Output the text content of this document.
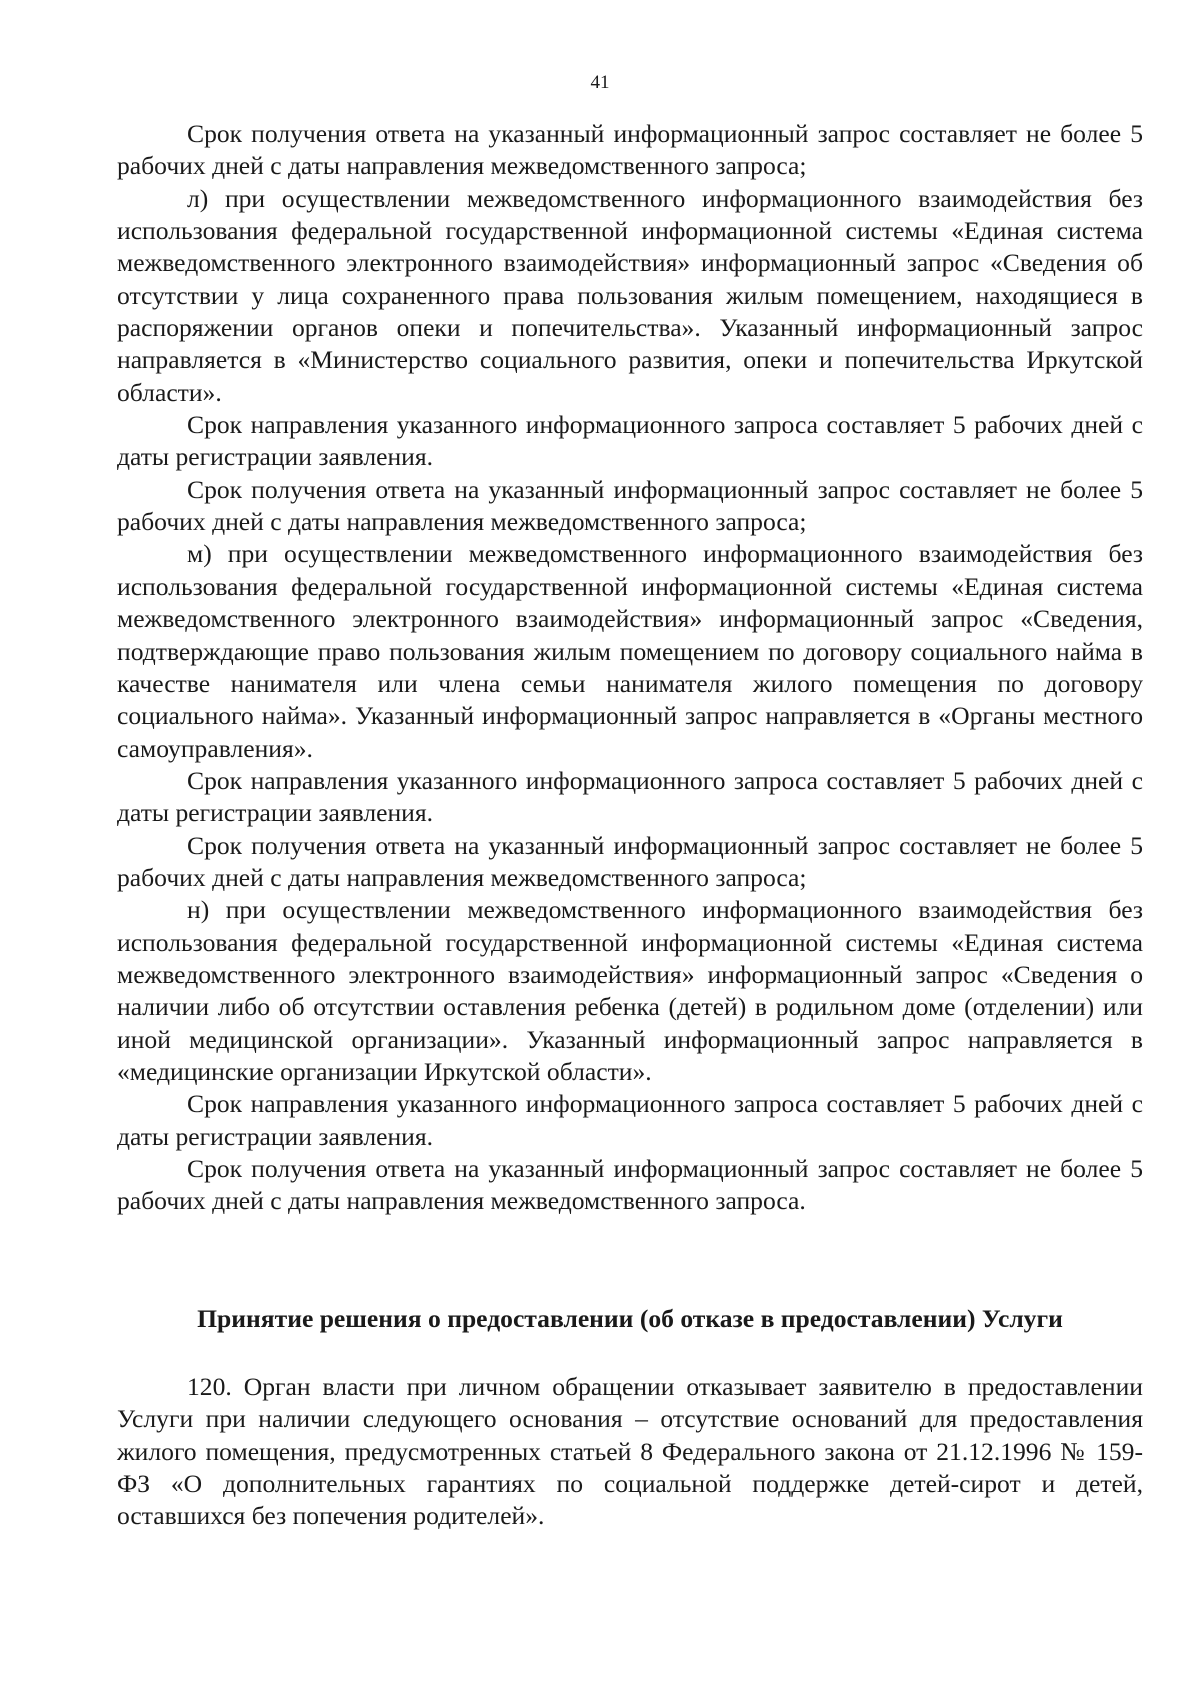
41

Срок получения ответа на указанный информационный запрос составляет не более 5 рабочих дней с даты направления межведомственного запроса;

л) при осуществлении межведомственного информационного взаимодействия без использования федеральной государственной информационной системы «Единая система межведомственного электронного взаимодействия» информационный запрос «Сведения об отсутствии у лица сохраненного права пользования жилым помещением, находящиеся в распоряжении органов опеки и попечительства». Указанный информационный запрос направляется в «Министерство социального развития, опеки и попечительства Иркутской области».

Срок направления указанного информационного запроса составляет 5 рабочих дней с даты регистрации заявления.

Срок получения ответа на указанный информационный запрос составляет не более 5 рабочих дней с даты направления межведомственного запроса;

м) при осуществлении межведомственного информационного взаимодействия без использования федеральной государственной информационной системы «Единая система межведомственного электронного взаимодействия» информационный запрос «Сведения, подтверждающие право пользования жилым помещением по договору социального найма в качестве нанимателя или члена семьи нанимателя жилого помещения по договору социального найма». Указанный информационный запрос направляется в «Органы местного самоуправления».

Срок направления указанного информационного запроса составляет 5 рабочих дней с даты регистрации заявления.

Срок получения ответа на указанный информационный запрос составляет не более 5 рабочих дней с даты направления межведомственного запроса;

н) при осуществлении межведомственного информационного взаимодействия без использования федеральной государственной информационной системы «Единая система межведомственного электронного взаимодействия» информационный запрос «Сведения о наличии либо об отсутствии оставления ребенка (детей) в родильном доме (отделении) или иной медицинской организации». Указанный информационный запрос направляется в «медицинские организации Иркутской области».

Срок направления указанного информационного запроса составляет 5 рабочих дней с даты регистрации заявления.

Срок получения ответа на указанный информационный запрос составляет не более 5 рабочих дней с даты направления межведомственного запроса.

Принятие решения о предоставлении (об отказе в предоставлении) Услуги

120. Орган власти при личном обращении отказывает заявителю в предоставлении Услуги при наличии следующего основания – отсутствие оснований для предоставления жилого помещения, предусмотренных статьей 8 Федерального закона от 21.12.1996 № 159-ФЗ «О дополнительных гарантиях по социальной поддержке детей-сирот и детей, оставшихся без попечения родителей».
